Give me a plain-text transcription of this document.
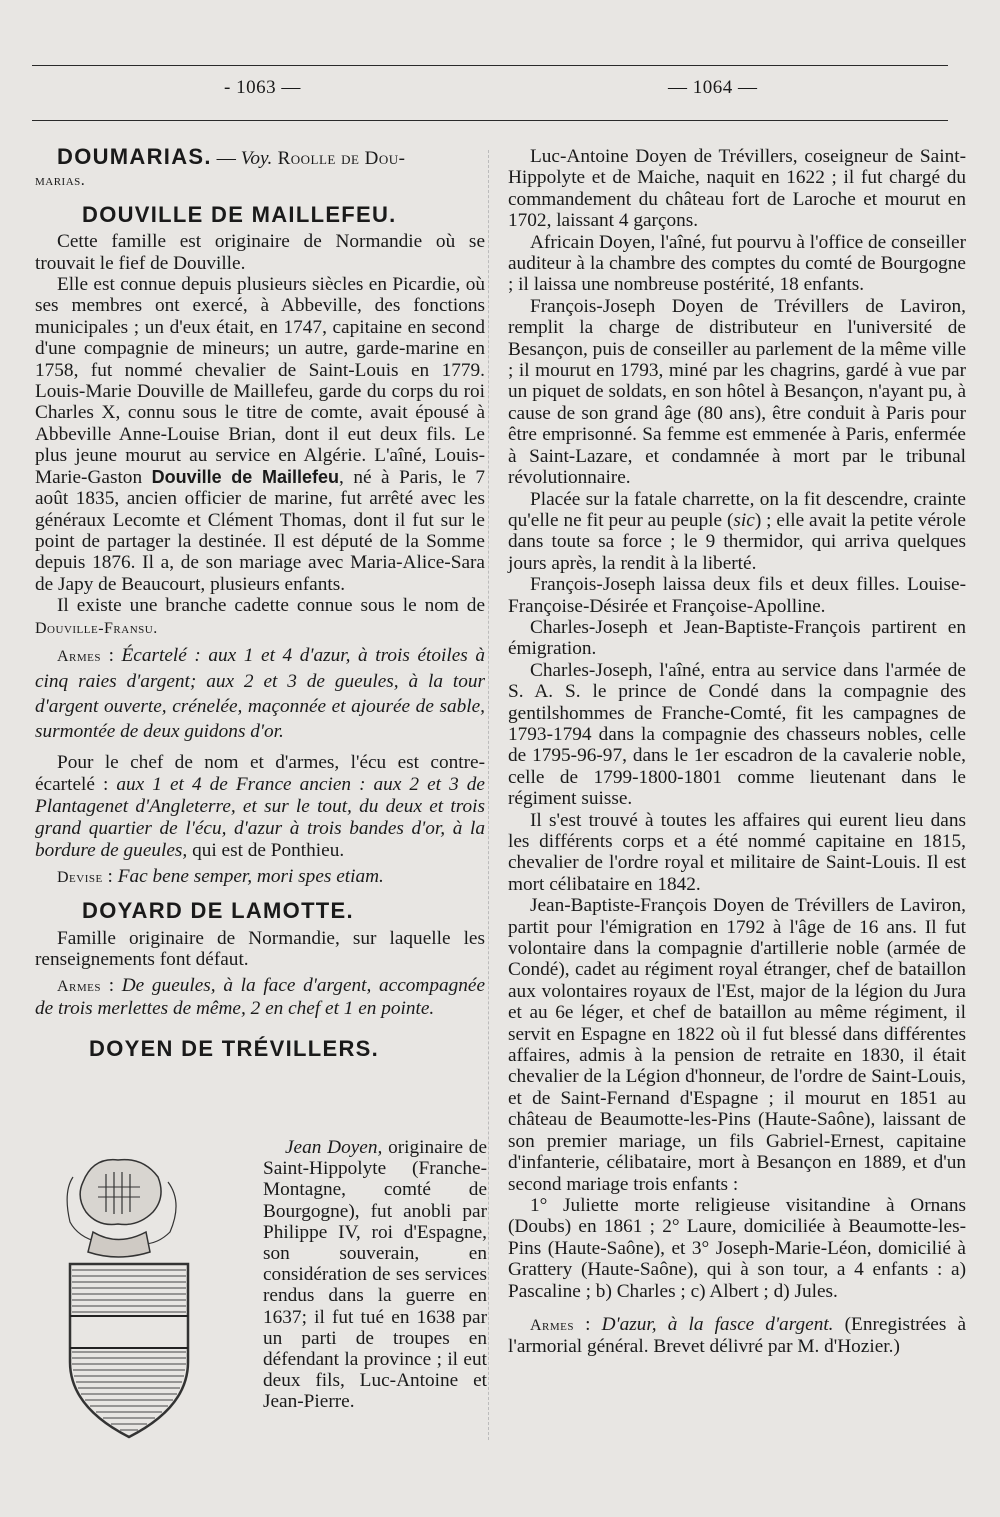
- 1063 —	— 1064 —

DOUMARIAS. — Voy. Roolle de Dou-

marias.

DOUVILLE DE MAILLEFEU.

Cette famille est originaire de Normandie où se trouvait le fief de Douville.

Elle est connue depuis plusieurs siècles en Picardie, où ses membres ont exercé, à Abbeville, des fonctions municipales ; un d'eux était, en 1747, capitaine en second d'une compagnie de mineurs; un autre, garde-marine en 1758, fut nommé chevalier de Saint-Louis en 1779. Louis-Marie Douville de Maillefeu, garde du corps du roi Charles X, connu sous le titre de comte, avait épousé à Abbeville Anne-Louise Brian, dont il eut deux fils. Le plus jeune mourut au service en Algérie. L'aîné, Louis-Marie-Gaston Douville de Maillefeu, né à Paris, le 7 août 1835, ancien officier de marine, fut arrêté avec les généraux Lecomte et Clément Thomas, dont il fut sur le point de partager la destinée. Il est député de la Somme depuis 1876. Il a, de son mariage avec Maria-Alice-Sara de Japy de Beaucourt, plusieurs enfants.

Il existe une branche cadette connue sous le nom de Douville-Fransu.

Armes : Écartelé : aux 1 et 4 d'azur, à trois étoiles à cinq raies d'argent; aux 2 et 3 de gueules, à la tour d'argent ouverte, crénelée, maçonnée et ajourée de sable, surmontée de deux guidons d'or.

Pour le chef de nom et d'armes, l'écu est contre-écartelé : aux 1 et 4 de France ancien : aux 2 et 3 de Plantagenet d'Angleterre, et sur le tout, du deux et trois grand quartier de l'écu, d'azur à trois bandes d'or, à la bordure de gueules, qui est de Ponthieu.

Devise : Fac bene semper, mori spes etiam.

DOYARD DE LAMOTTE.

Famille originaire de Normandie, sur laquelle les renseignements font défaut.

Armes : De gueules, à la face d'argent, accompagnée de trois merlettes de même, 2 en chef et 1 en pointe.

DOYEN DE TRÉVILLERS.

Jean Doyen, originaire de Saint-Hippolyte (Franche-Montagne, comté de Bourgogne), fut anobli par Philippe IV, roi d'Espagne, son souverain, en considération de ses services rendus dans la guerre en 1637; il fut tué en 1638 par un parti de troupes en défendant la province ; il eut deux fils, Luc-Antoine et Jean-Pierre.

Luc-Antoine Doyen de Trévillers, coseigneur de Saint-Hippolyte et de Maiche, naquit en 1622 ; il fut chargé du commandement du château fort de Laroche et mourut en 1702, laissant 4 garçons.

Africain Doyen, l'aîné, fut pourvu à l'office de conseiller auditeur à la chambre des comptes du comté de Bourgogne ; il laissa une nombreuse postérité, 18 enfants.

François-Joseph Doyen de Trévillers de Laviron, remplit la charge de distributeur en l'université de Besançon, puis de conseiller au parlement de la même ville ; il mourut en 1793, miné par les chagrins, gardé à vue par un piquet de soldats, en son hôtel à Besançon, n'ayant pu, à cause de son grand âge (80 ans), être conduit à Paris pour être emprisonné. Sa femme est emmenée à Paris, enfermée à Saint-Lazare, et condamnée à mort par le tribunal révolutionnaire.

Placée sur la fatale charrette, on la fit descendre, crainte qu'elle ne fit peur au peuple (sic) ; elle avait la petite vérole dans toute sa force ; le 9 thermidor, qui arriva quelques jours après, la rendit à la liberté.

François-Joseph laissa deux fils et deux filles. Louise-Françoise-Désirée et Françoise-Apolline.

Charles-Joseph et Jean-Baptiste-François partirent en émigration.

Charles-Joseph, l'aîné, entra au service dans l'armée de S. A. S. le prince de Condé dans la compagnie des gentilshommes de Franche-Comté, fit les campagnes de 1793-1794 dans la compagnie des chasseurs nobles, celle de 1795-96-97, dans le 1er escadron de la cavalerie noble, celle de 1799-1800-1801 comme lieutenant dans le régiment suisse.

Il s'est trouvé à toutes les affaires qui eurent lieu dans les différents corps et a été nommé capitaine en 1815, chevalier de l'ordre royal et militaire de Saint-Louis. Il est mort célibataire en 1842.

Jean-Baptiste-François Doyen de Trévillers de Laviron, partit pour l'émigration en 1792 à l'âge de 16 ans. Il fut volontaire dans la compagnie d'artillerie noble (armée de Condé), cadet au régiment royal étranger, chef de bataillon aux volontaires royaux de l'Est, major de la légion du Jura et au 6e léger, et chef de bataillon au même régiment, il servit en Espagne en 1822 où il fut blessé dans différentes affaires, admis à la pension de retraite en 1830, il était chevalier de la Légion d'honneur, de l'ordre de Saint-Louis, et de Saint-Fernand d'Espagne ; il mourut en 1851 au château de Beaumotte-les-Pins (Haute-Saône), laissant de son premier mariage, un fils Gabriel-Ernest, capitaine d'infanterie, célibataire, mort à Besançon en 1889, et d'un second mariage trois enfants :

1° Juliette morte religieuse visitandine à Ornans (Doubs) en 1861 ; 2° Laure, domiciliée à Beaumotte-les-Pins (Haute-Saône), et 3° Joseph-Marie-Léon, domicilié à Grattery (Haute-Saône), qui à son tour, a 4 enfants : a) Pascaline ; b) Charles ; c) Albert ; d) Jules.

Armes : D'azur, à la fasce d'argent. (Enregistrées à l'armorial général. Brevet délivré par M. d'Hozier.)
